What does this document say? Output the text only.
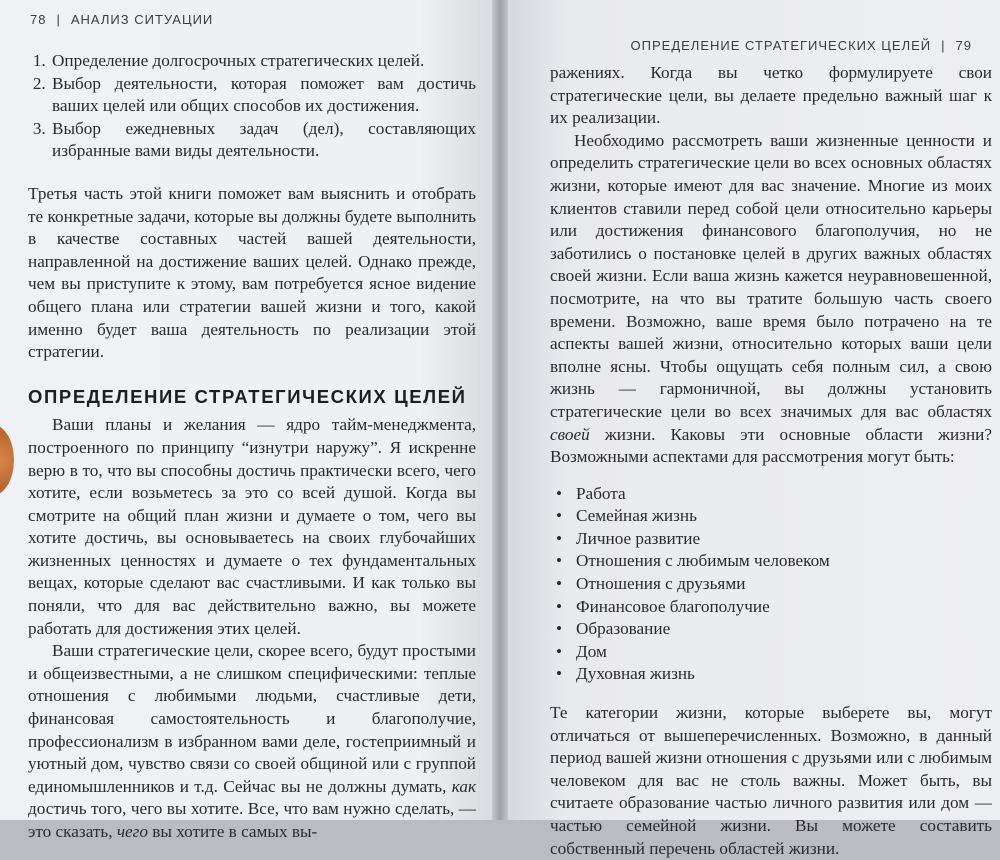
78 | АНАЛИЗ СИТУАЦИИ
1. Определение долгосрочных стратегических целей.
2. Выбор деятельности, которая поможет вам достичь ваших целей или общих способов их достижения.
3. Выбор ежедневных задач (дел), составляющих избранные вами виды деятельности.

Третья часть этой книги поможет вам выяснить и отобрать те конкретные задачи, которые вы должны будете выполнить в качестве составных частей вашей деятельности, направленной на достижение ваших целей. Однако прежде, чем вы приступите к этому, вам потребуется ясное видение общего плана или стратегии вашей жизни и того, какой именно будет ваша деятельность по реализации этой стратегии.

ОПРЕДЕЛЕНИЕ СТРАТЕГИЧЕСКИХ ЦЕЛЕЙ

Ваши планы и желания — ядро тайм-менеджмента, построенного по принципу “изнутри наружу”. Я искренне верю в то, что вы способны достичь практически всего, чего хотите, если возьметесь за это со всей душой. Когда вы смотрите на общий план жизни и думаете о том, чего вы хотите достичь, вы основываетесь на своих глубочайших жизненных ценностях и думаете о тех фундаментальных вещах, которые сделают вас счастливыми. И как только вы поняли, что для вас действительно важно, вы можете работать для достижения этих целей.

Ваши стратегические цели, скорее всего, будут простыми и общеизвестными, а не слишком специфическими: теплые отношения с любимыми людьми, счастливые дети, финансовая самостоятельность и благополучие, профессионализм в избранном вами деле, гостеприимный и уютный дом, чувство связи со своей общиной или с группой единомышленников и т.д. Сейчас вы не должны думать, как достичь того, чего вы хотите. Все, что вам нужно сделать, — это сказать, чего вы хотите в самых вы-

ОПРЕДЕЛЕНИЕ СТРАТЕГИЧЕСКИХ ЦЕЛЕЙ | 79

ражениях. Когда вы четко формулируете свои стратегические цели, вы делаете предельно важный шаг к их реализации.

Необходимо рассмотреть ваши жизненные ценности и определить стратегические цели во всех основных областях жизни, которые имеют для вас значение. Многие из моих клиентов ставили перед собой цели относительно карьеры или достижения финансового благополучия, но не заботились о постановке целей в других важных областях своей жизни. Если ваша жизнь кажется неуравновешенной, посмотрите, на что вы тратите большую часть своего времени. Возможно, ваше время было потрачено на те аспекты вашей жизни, относительно которых ваши цели вполне ясны. Чтобы ощущать себя полным сил, а свою жизнь — гармоничной, вы должны установить стратегические цели во всех значимых для вас областях своей жизни. Каковы эти основные области жизни? Возможными аспектами для рассмотрения могут быть:

• Работа
• Семейная жизнь
• Личное развитие
• Отношения с любимым человеком
• Отношения с друзьями
• Финансовое благополучие
• Образование
• Дом
• Духовная жизнь

Те категории жизни, которые выберете вы, могут отличаться от вышеперечисленных. Возможно, в данный период вашей жизни отношения с друзьями или с любимым человеком для вас не столь важны. Может быть, вы считаете образование частью личного развития или дом — частью семейной жизни. Вы можете составить собственный перечень областей жизни.
